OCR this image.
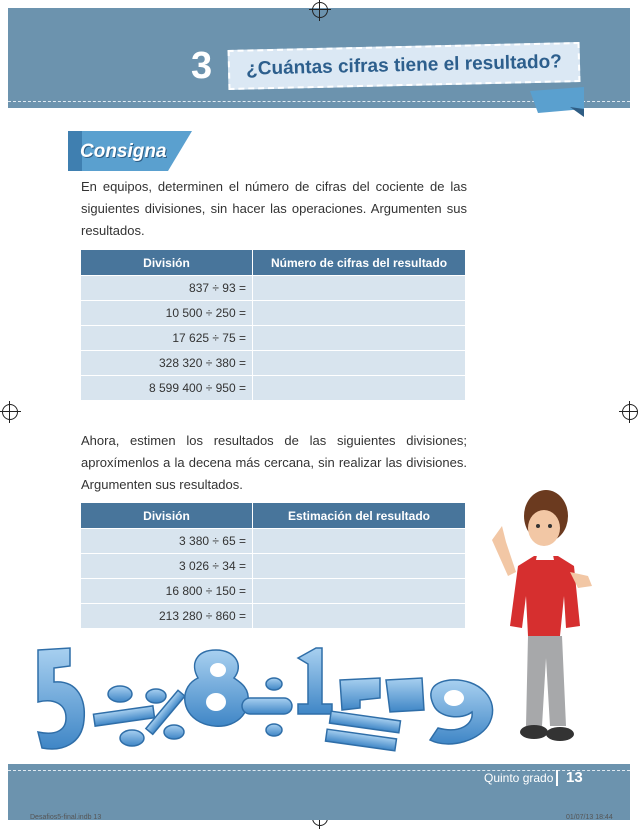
3 ¿Cuántas cifras tiene el resultado?
Consigna
En equipos, determinen el número de cifras del cociente de las siguientes divisiones, sin hacer las operaciones. Argumenten sus resultados.
División	Número de cifras del resultado
837 ÷ 93 =	
10 500 ÷ 250 =	
17 625 ÷ 75 =	
328 320 ÷ 380 =	
8 599 400 ÷ 950 =	
Ahora, estimen los resultados de las siguientes divisiones; aproxímenlos a la decena más cercana, sin realizar las divisiones. Argumenten sus resultados.
División	Estimación del resultado
3 380 ÷ 65 =	
3 026 ÷ 34 =	
16 800 ÷ 150 =	
213 280 ÷ 860 =	
Quinto grado 13
Desafios5-final.indb 13	01/07/13 18:44
